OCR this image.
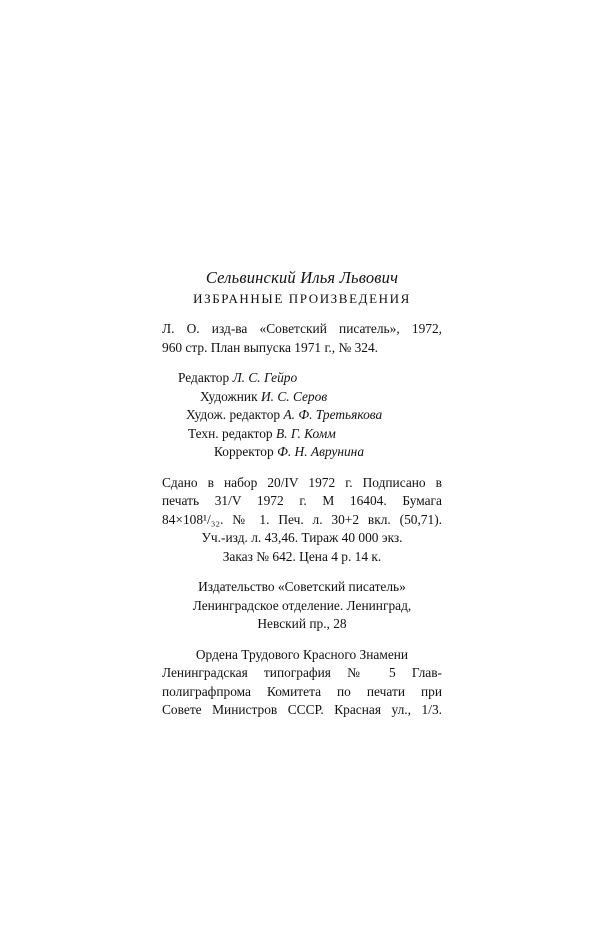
Сельвинский Илья Львович
ИЗБРАННЫЕ ПРОИЗВЕДЕНИЯ
Л. О. изд-ва «Советский писатель», 1972,
960 стр. План выпуска 1971 г., № 324.
Редактор Л. С. Гейро
Художник И. С. Серов
Худож. редактор А. Ф. Третьякова
Техн. редактор В. Г. Комм
Корректор Ф. Н. Аврунина
Сдано в набор 20/IV 1972 г. Подписано в
печать 31/V 1972 г. М 16404. Бумага
84×108¹/₃₂. № 1. Печ. л. 30+2 вкл. (50,71).
Уч.-изд. л. 43,46. Тираж 40 000 экз.
Заказ № 642. Цена 4 р. 14 к.
Издательство «Советский писатель»
Ленинградское отделение. Ленинград,
Невский пр., 28
Ордена Трудового Красного Знамени
Ленинградская типография № 5 Глав-
полиграфпрома Комитета по печати при
Совете Министров СССР. Красная ул., 1/3.
